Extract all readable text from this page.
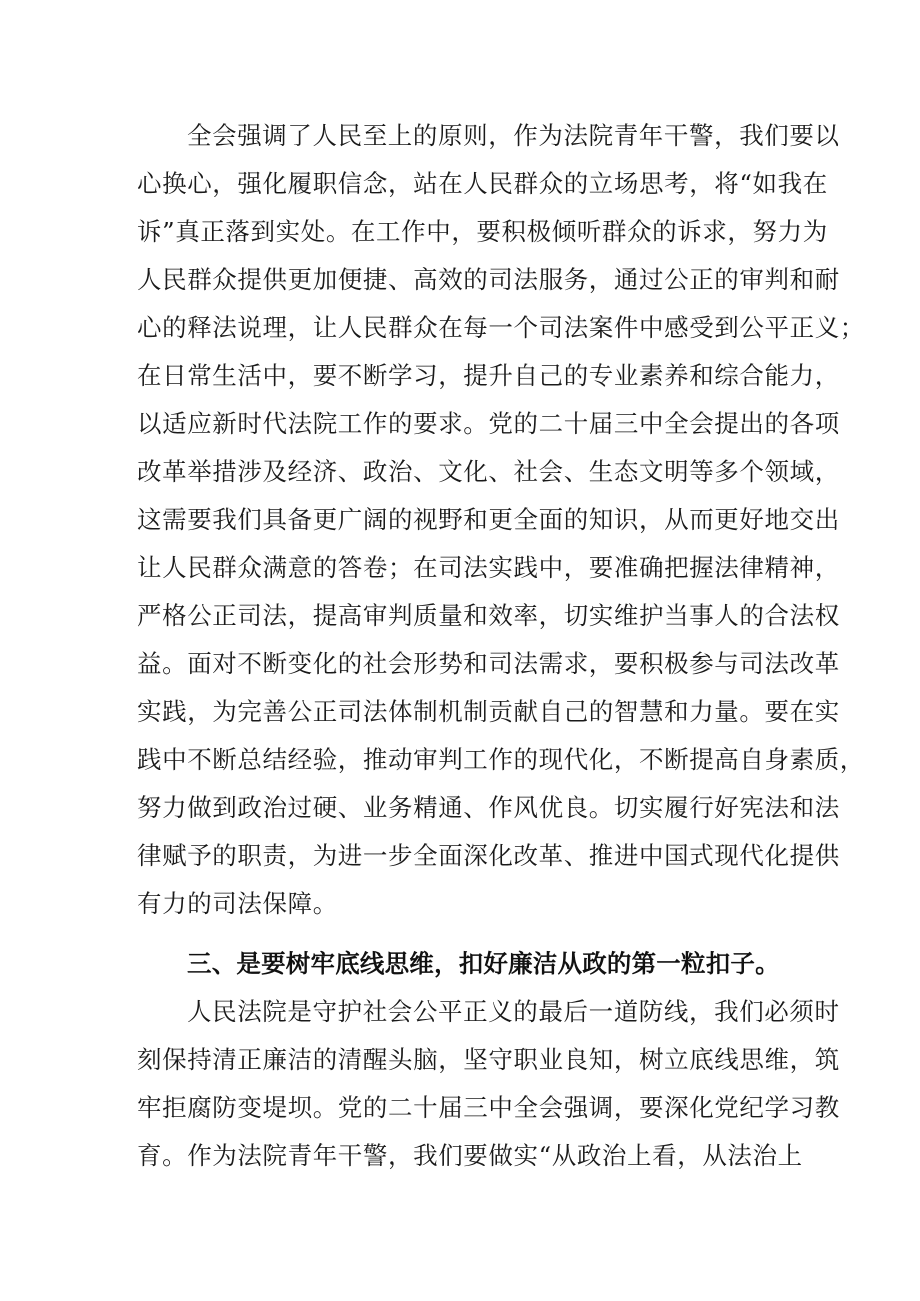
全会强调了人民至上的原则，作为法院青年干警，我们要以
心换心，强化履职信念，站在人民群众的立场思考，将“如我在
诉”真正落到实处。在工作中，要积极倾听群众的诉求，努力为
人民群众提供更加便捷、高效的司法服务，通过公正的审判和耐
心的释法说理，让人民群众在每一个司法案件中感受到公平正义；
在日常生活中，要不断学习，提升自己的专业素养和综合能力，
以适应新时代法院工作的要求。党的二十届三中全会提出的各项
改革举措涉及经济、政治、文化、社会、生态文明等多个领域，
这需要我们具备更广阔的视野和更全面的知识，从而更好地交出
让人民群众满意的答卷；在司法实践中，要准确把握法律精神，
严格公正司法，提高审判质量和效率，切实维护当事人的合法权
益。面对不断变化的社会形势和司法需求，要积极参与司法改革
实践，为完善公正司法体制机制贡献自己的智慧和力量。要在实
践中不断总结经验，推动审判工作的现代化，不断提高自身素质，
努力做到政治过硬、业务精通、作风优良。切实履行好宪法和法
律赋予的职责，为进一步全面深化改革、推进中国式现代化提供
有力的司法保障。
三、是要树牢底线思维，扣好廉洁从政的第一粒扣子。
人民法院是守护社会公平正义的最后一道防线，我们必须时
刻保持清正廉洁的清醒头脑，坚守职业良知，树立底线思维，筑
牢拒腐防变堤坝。党的二十届三中全会强调，要深化党纪学习教
育。作为法院青年干警，我们要做实“从政治上看，从法治上
